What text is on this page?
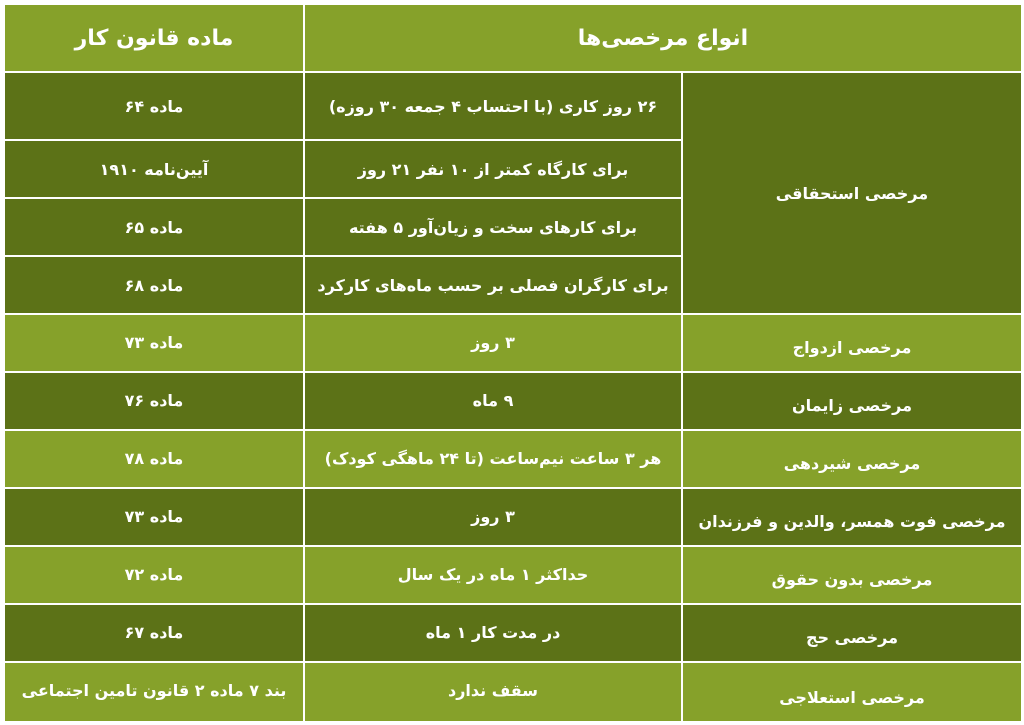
انواع مرخصی‌ها		ماده قانون کار
مرخصی استحقاقی	۲۶ روز کاری (با احتساب ۴ جمعه ۳۰ روزه)	ماده ۶۴
	برای کارگاه کمتر از ۱۰ نفر ۲۱ روز	آیین‌نامه ۱۹۱۰
	برای کارهای سخت و زیان‌آور ۵ هفته	ماده ۶۵
	برای کارگران فصلی بر حسب ماه‌های کارکرد	ماده ۶۸
مرخصی ازدواج	۳ روز	ماده ۷۳
مرخصی زایمان	۹ ماه	ماده ۷۶
مرخصی شیردهی	هر ۳ ساعت نیم‌ساعت (تا ۲۴ ماهگی کودک)	ماده ۷۸
مرخصی فوت همسر، والدین و فرزندان	۳ روز	ماده ۷۳
مرخصی بدون حقوق	حداکثر ۱ ماه در یک سال	ماده ۷۲
مرخصی حج	در مدت کار ۱ ماه	ماده ۶۷
مرخصی استعلاجی	سقف ندارد	بند ۷ ماده ۲ قانون تامین اجتماعی
